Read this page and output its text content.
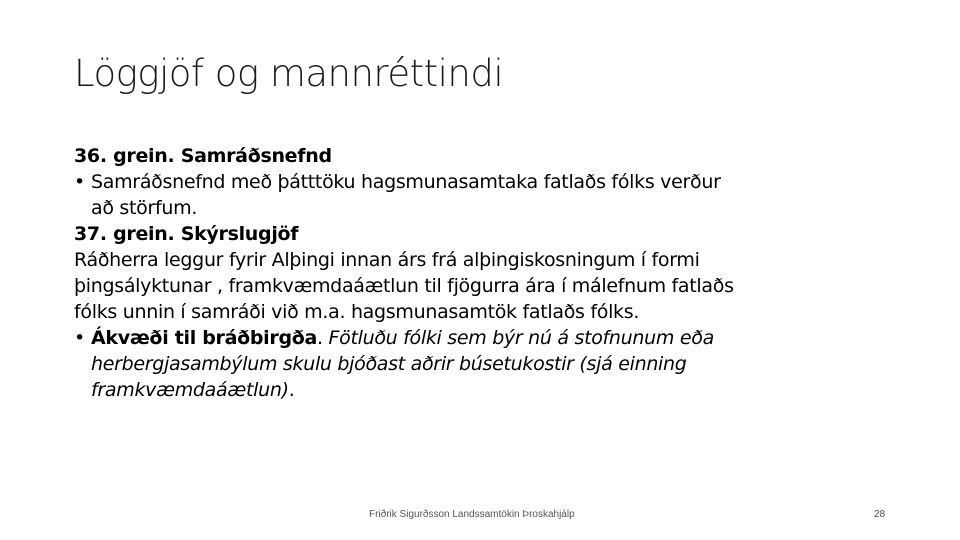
Löggjöf og mannréttindi

36. grein. Samráðsnefnd

• Samráðsnefnd með þátttöku hagsmunasamtaka fatlaðs fólks verður

að störfum.

37. grein. Skýrslugjöf

Ráðherra leggur fyrir Alþingi innan árs frá alþingiskosningum í formi

þingsályktunar , framkvæmdaáætlun til fjögurra ára í málefnum fatlaðs

fólks unnin í samráði við m.a. hagsmunasamtök fatlaðs fólks.

• Ákvæði til bráðbirgða. Fötluðu fólki sem býr nú á stofnunum eða

herbergjasambýlum skulu bjóðast aðrir búsetukostir (sjá einning

framkvæmdaáætlun).

Friðrik Sigurðsson Landssamtökin Þroskahjálp	28
